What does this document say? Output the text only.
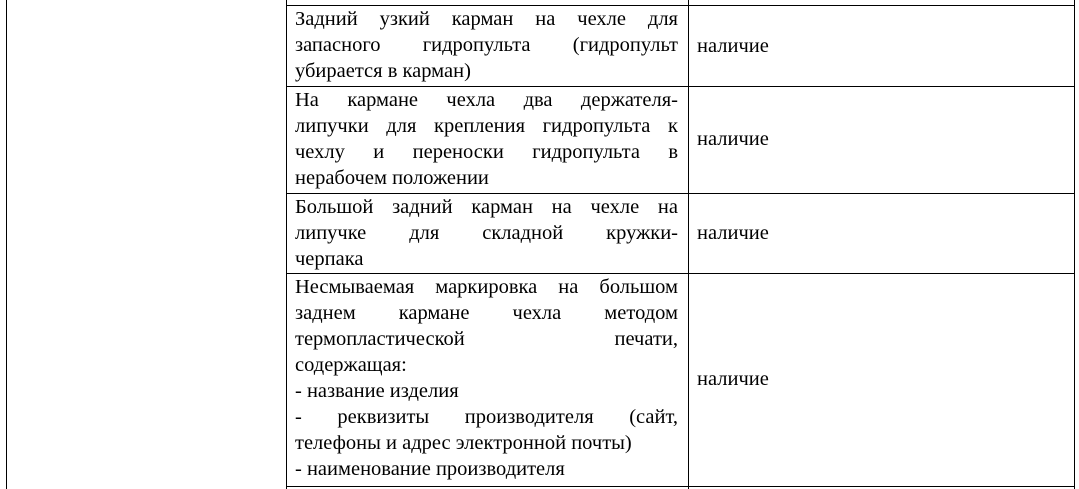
Задний узкий карман на чехле для
запасного гидропульта (гидропульт
убирается в карман)
наличие
На кармане чехла два держателя-
липучки для крепления гидропульта к
чехлу и переноски гидропульта в
нерабочем положении
наличие
Большой задний карман на чехле на
липучке для складной кружки-
черпака
наличие
Несмываемая маркировка на большом
заднем кармане чехла методом
термопластической печати,
содержащая:
- название изделия
- реквизиты производителя (сайт,
телефоны и адрес электронной почты)
- наименование производителя
наличие
